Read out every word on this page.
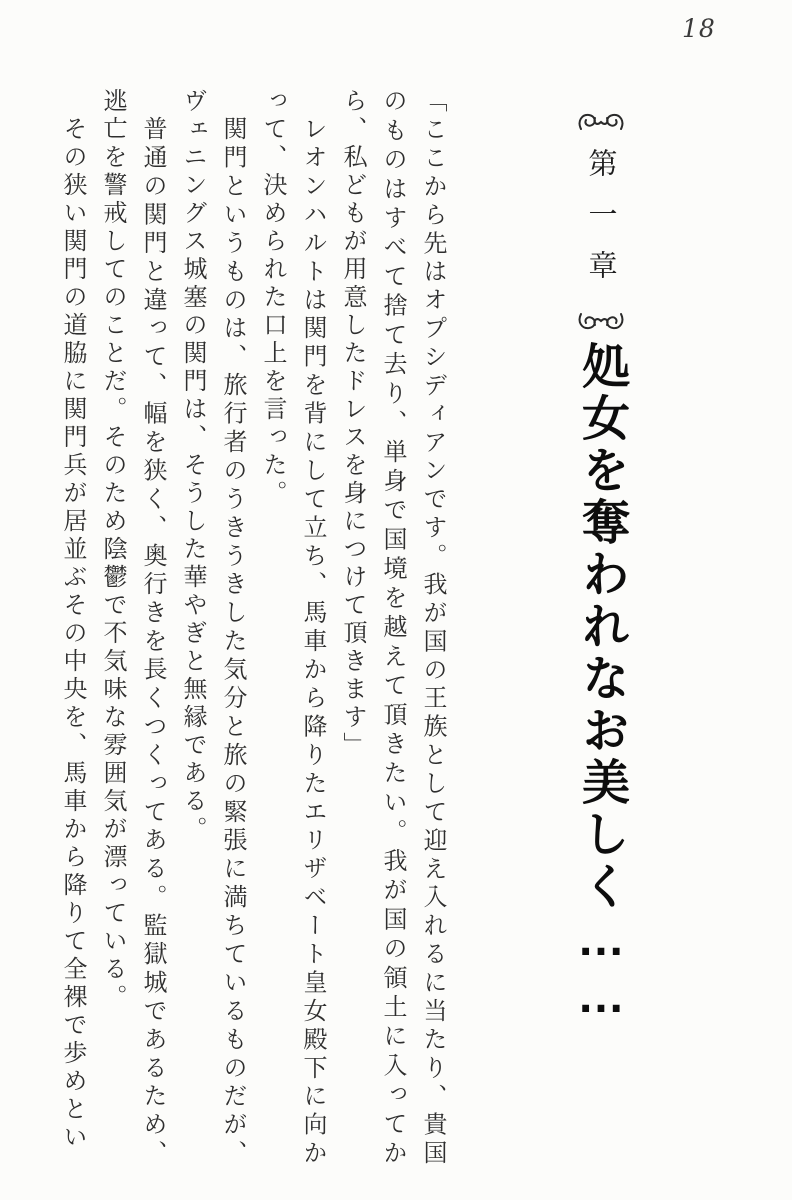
18
第一章
処女を奪われなお美しく……

「ここから先はオプシディアンです。我が国の王族として迎え入れるに当たり、貴国のものはすべて捨て去り、単身で国境を越えて頂きたい。我が国の領土に入ってから、私どもが用意したドレスを身につけて頂きます」

レオンハルトは関門を背にして立ち、馬車から降りたエリザベート皇女殿下に向かって、決められた口上を言った。

関門というものは、旅行者のうきうきした気分と旅の緊張に満ちているものだが、ヴェニングス城塞の関門は、そうした華やぎと無縁である。

普通の関門と違って、幅を狭く、奥行きを長くつくってある。監獄城であるため、逃亡を警戒してのことだ。そのため陰鬱で不気味な雰囲気が漂っている。

その狭い関門の道脇に関門兵が居並ぶその中央を、馬車から降りて全裸で歩めとい
